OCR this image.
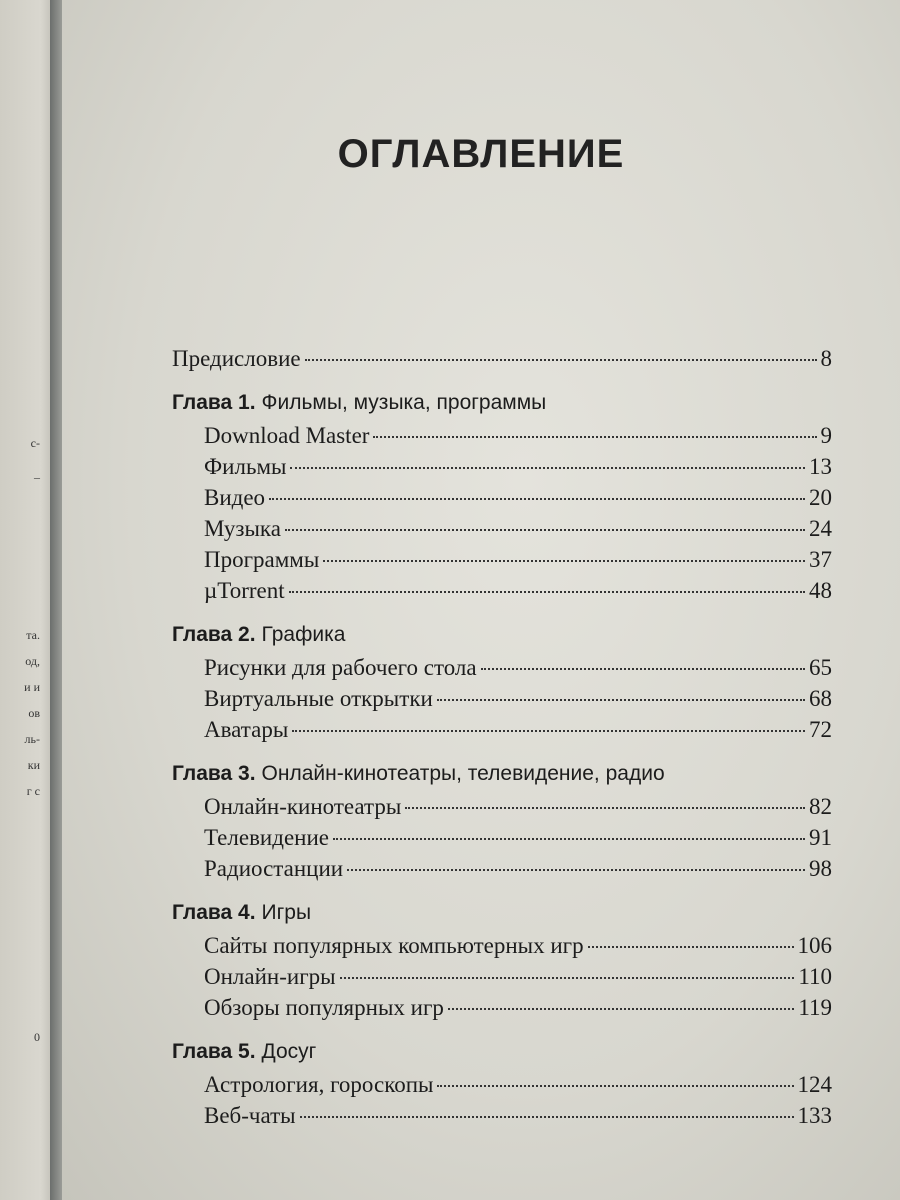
с-
–
та.
од,
и и
ов
ль-
ки
г с
0
ОГЛАВЛЕНИЕ
Предисловие	8
Глава 1. Фильмы, музыка, программы
Download Master	9
Фильмы	13
Видео	20
Музыка	24
Программы	37
µTorrent	48
Глава 2. Графика
Рисунки для рабочего стола	65
Виртуальные открытки	68
Аватары	72
Глава 3. Онлайн-кинотеатры, телевидение, радио
Онлайн-кинотеатры	82
Телевидение	91
Радиостанции	98
Глава 4. Игры
Сайты популярных компьютерных игр	106
Онлайн-игры	110
Обзоры популярных игр	119
Глава 5. Досуг
Астрология, гороскопы	124
Веб-чаты	133
